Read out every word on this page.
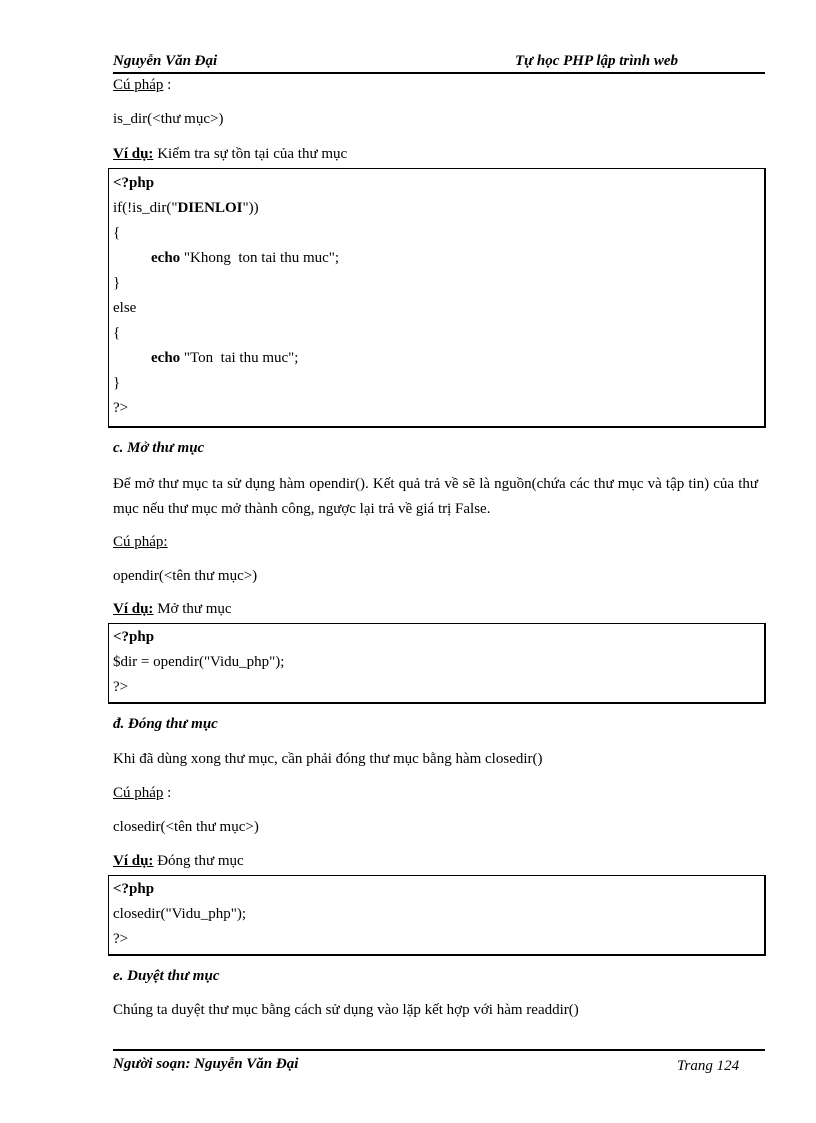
Nguyễn Văn Đại	Tự học PHP lập trình web
Cú pháp :
is_dir(<thư mục>)
Ví dụ: Kiểm tra sự tồn tại của thư mục
<?php
if(!is_dir("DIENLOI"))
{
echo "Khong  ton tai thu muc";
}
else
{
echo "Ton  tai thu muc";
}
?>
c. Mở thư mục
Để mở thư mục ta sử dụng hàm opendir(). Kết quả trả về sẽ là nguồn(chứa các thư mục và tập tin) của thư mục nếu thư mục mở thành công, ngược lại trả về giá trị False.
Cú pháp:
opendir(<tên thư mục>)
Ví dụ: Mở thư mục
<?php
$dir = opendir("Vidu_php");
?>
đ. Đóng thư mục
Khi đã dùng xong thư mục, cần phải đóng thư mục bằng hàm closedir()
Cú pháp :
closedir(<tên thư mục>)
Ví dụ: Đóng thư mục
<?php
closedir("Vidu_php");
?>
e. Duyệt thư mục
Chúng ta duyệt thư mục bằng cách sử dụng vào lặp kết hợp với hàm readdir()
Người soạn: Nguyễn Văn Đại	Trang 124
